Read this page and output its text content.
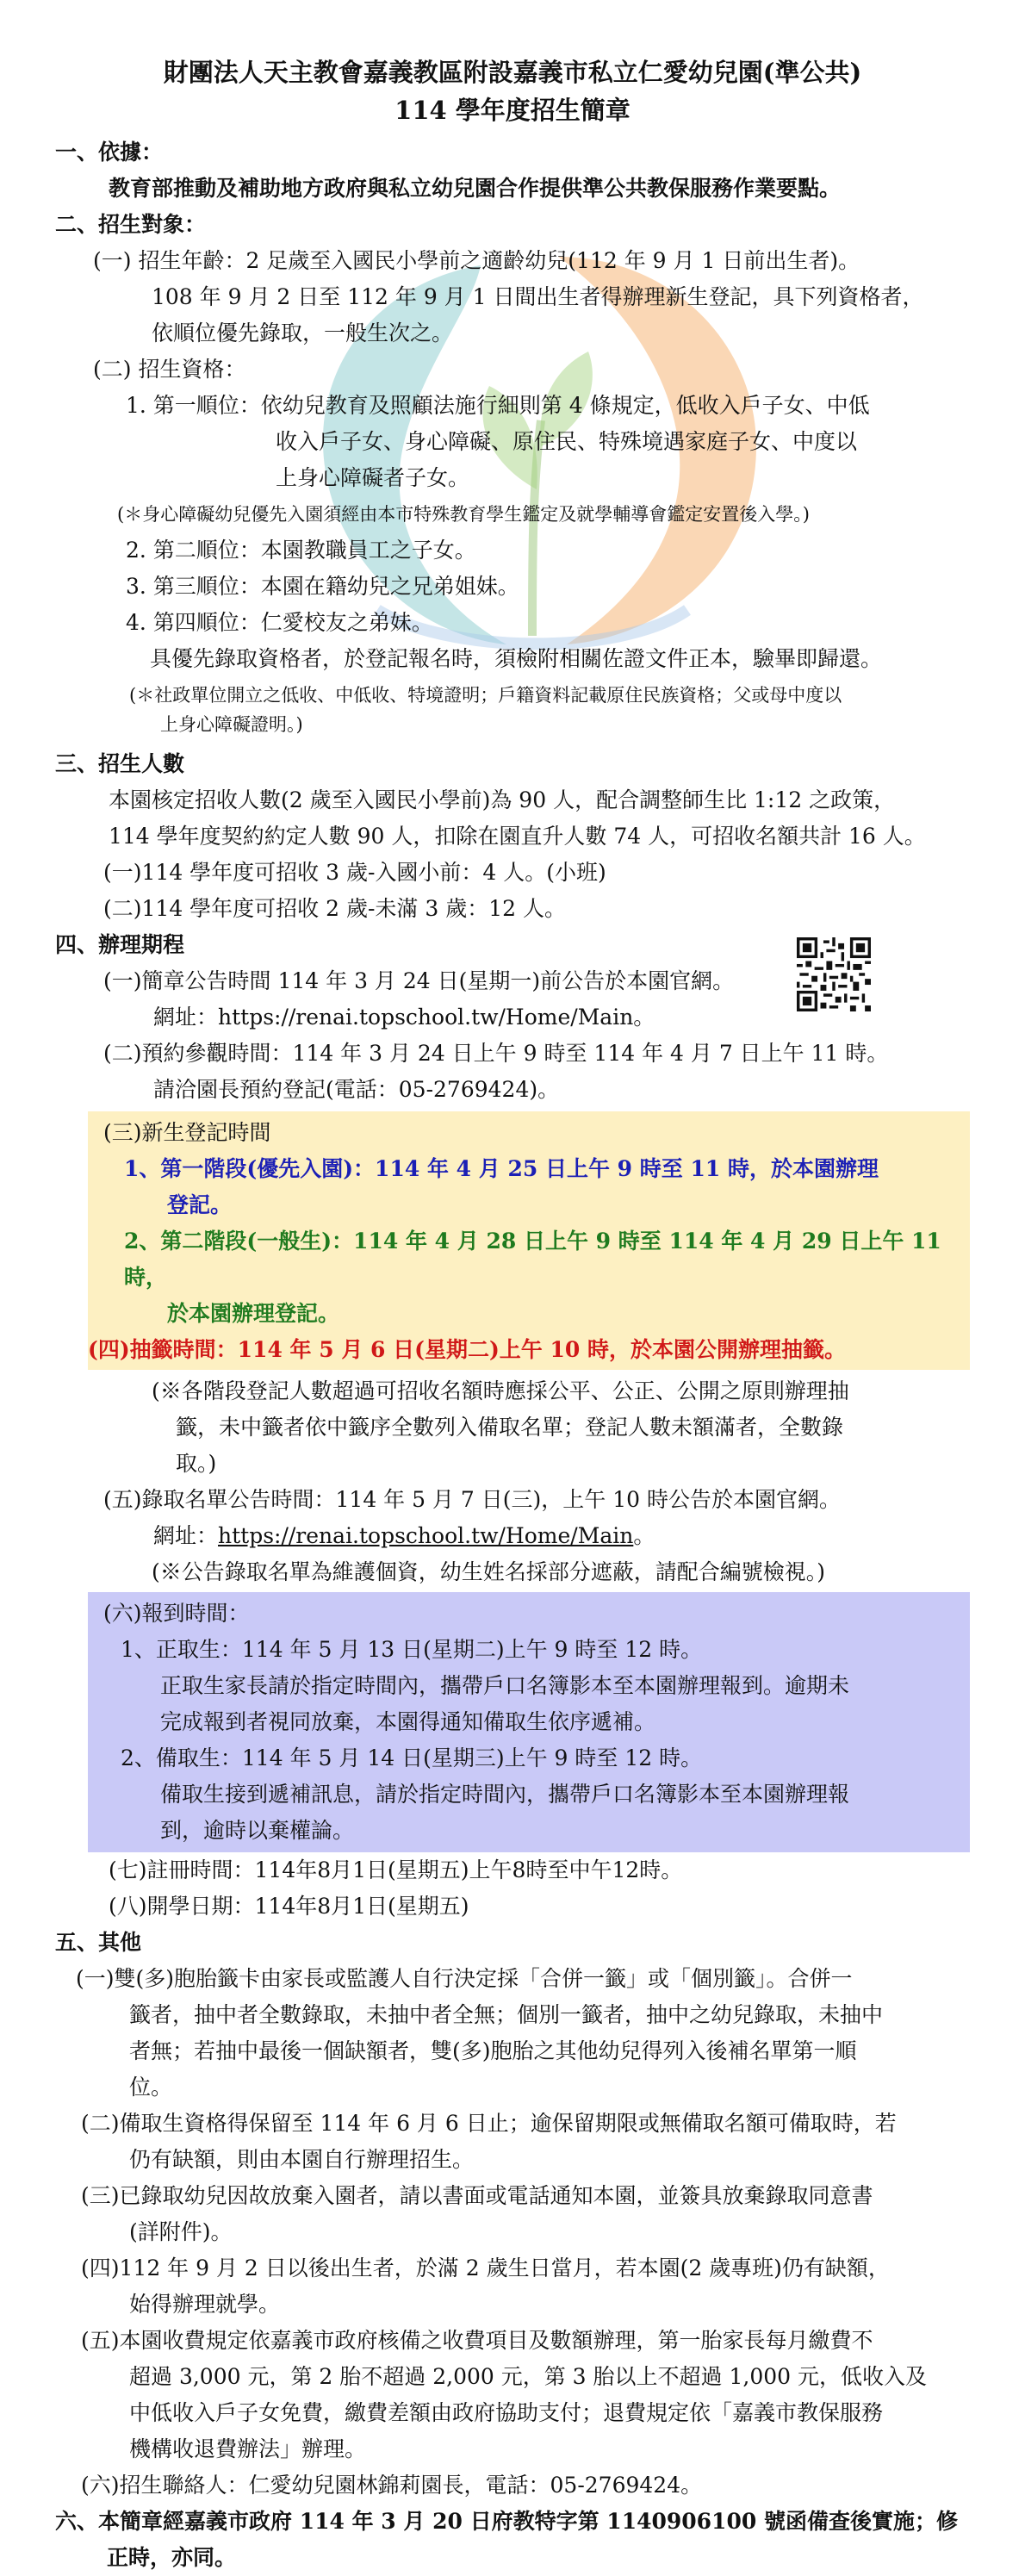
財團法人天主教會嘉義教區附設嘉義市私立仁愛幼兒園(準公共)

114 學年度招生簡章

一、依據：

教育部推動及補助地方政府與私立幼兒園合作提供準公共教保服務作業要點。

二、招生對象：

(一) 招生年齡：2 足歲至入國民小學前之適齡幼兒(112 年 9 月 1 日前出生者)。

108 年 9 月 2 日至 112 年 9 月 1 日間出生者得辦理新生登記，具下列資格者，

依順位優先錄取，一般生次之。

(二) 招生資格：

1. 第一順位：依幼兒教育及照顧法施行細則第 4 條規定，低收入戶子女、中低

收入戶子女、身心障礙、原住民、特殊境遇家庭子女、中度以

上身心障礙者子女。

(＊身心障礙幼兒優先入園須經由本市特殊教育學生鑑定及就學輔導會鑑定安置後入學。)

2. 第二順位：本園教職員工之子女。

3. 第三順位：本園在籍幼兒之兄弟姐妹。

4. 第四順位：仁愛校友之弟妹。

具優先錄取資格者，於登記報名時，須檢附相關佐證文件正本，驗畢即歸還。

(＊社政單位開立之低收、中低收、特境證明；戶籍資料記載原住民族資格；父或母中度以

上身心障礙證明。)

三、招生人數

本園核定招收人數(2 歲至入國民小學前)為 90 人，配合調整師生比 1:12 之政策，

114 學年度契約約定人數 90 人，扣除在園直升人數 74 人，可招收名額共計 16 人。

(一)114 學年度可招收 3 歲-入國小前：4 人。(小班)

(二)114 學年度可招收 2 歲-未滿 3 歲：12 人。

四、辦理期程

(一)簡章公告時間 114 年 3 月 24 日(星期一)前公告於本園官網。

網址：https://renai.topschool.tw/Home/Main。

(二)預約參觀時間：114 年 3 月 24 日上午 9 時至 114 年 4 月 7 日上午 11 時。

請洽園長預約登記(電話：05-2769424)。

(三)新生登記時間

1、第一階段(優先入園)：114 年 4 月 25 日上午 9 時至 11 時，於本園辦理

登記。

2、第二階段(一般生)：114 年 4 月 28 日上午 9 時至 114 年 4 月 29 日上午 11 時，

於本園辦理登記。

(四)抽籤時間：114 年 5 月 6 日(星期二)上午 10 時，於本園公開辦理抽籤。

(※各階段登記人數超過可招收名額時應採公平、公正、公開之原則辦理抽

籤，未中籤者依中籤序全數列入備取名單；登記人數未額滿者，全數錄

取。)

(五)錄取名單公告時間：114 年 5 月 7 日(三)，上午 10 時公告於本園官網。

網址：https://renai.topschool.tw/Home/Main。

(※公告錄取名單為維護個資，幼生姓名採部分遮蔽，請配合編號檢視。)

(六)報到時間：

1、正取生：114 年 5 月 13 日(星期二)上午 9 時至 12 時。

正取生家長請於指定時間內，攜帶戶口名簿影本至本園辦理報到。逾期未

完成報到者視同放棄，本園得通知備取生依序遞補。

2、備取生：114 年 5 月 14 日(星期三)上午 9 時至 12 時。

備取生接到遞補訊息，請於指定時間內，攜帶戶口名簿影本至本園辦理報

到，逾時以棄權論。

(七)註冊時間：114年8月1日(星期五)上午8時至中午12時。

(八)開學日期：114年8月1日(星期五)

五、其他

(一)雙(多)胞胎籤卡由家長或監護人自行決定採「合併一籤」或「個別籤」。合併一

籤者，抽中者全數錄取，未抽中者全無；個別一籤者，抽中之幼兒錄取，未抽中

者無；若抽中最後一個缺額者，雙(多)胞胎之其他幼兒得列入後補名單第一順

位。

(二)備取生資格得保留至 114 年 6 月 6 日止；逾保留期限或無備取名額可備取時，若

仍有缺額，則由本園自行辦理招生。

(三)已錄取幼兒因故放棄入園者，請以書面或電話通知本園，並簽具放棄錄取同意書

(詳附件)。

(四)112 年 9 月 2 日以後出生者，於滿 2 歲生日當月，若本園(2 歲專班)仍有缺額，

始得辦理就學。

(五)本園收費規定依嘉義市政府核備之收費項目及數額辦理，第一胎家長每月繳費不

超過 3,000 元，第 2 胎不超過 2,000 元，第 3 胎以上不超過 1,000 元，低收入及

中低收入戶子女免費，繳費差額由政府協助支付；退費規定依「嘉義市教保服務

機構收退費辦法」辦理。

(六)招生聯絡人：仁愛幼兒園林錦莉園長，電話：05-2769424。

六、本簡章經嘉義市政府 114 年 3 月 20 日府教特字第 1140906100 號函備查後實施；修

正時，亦同。
